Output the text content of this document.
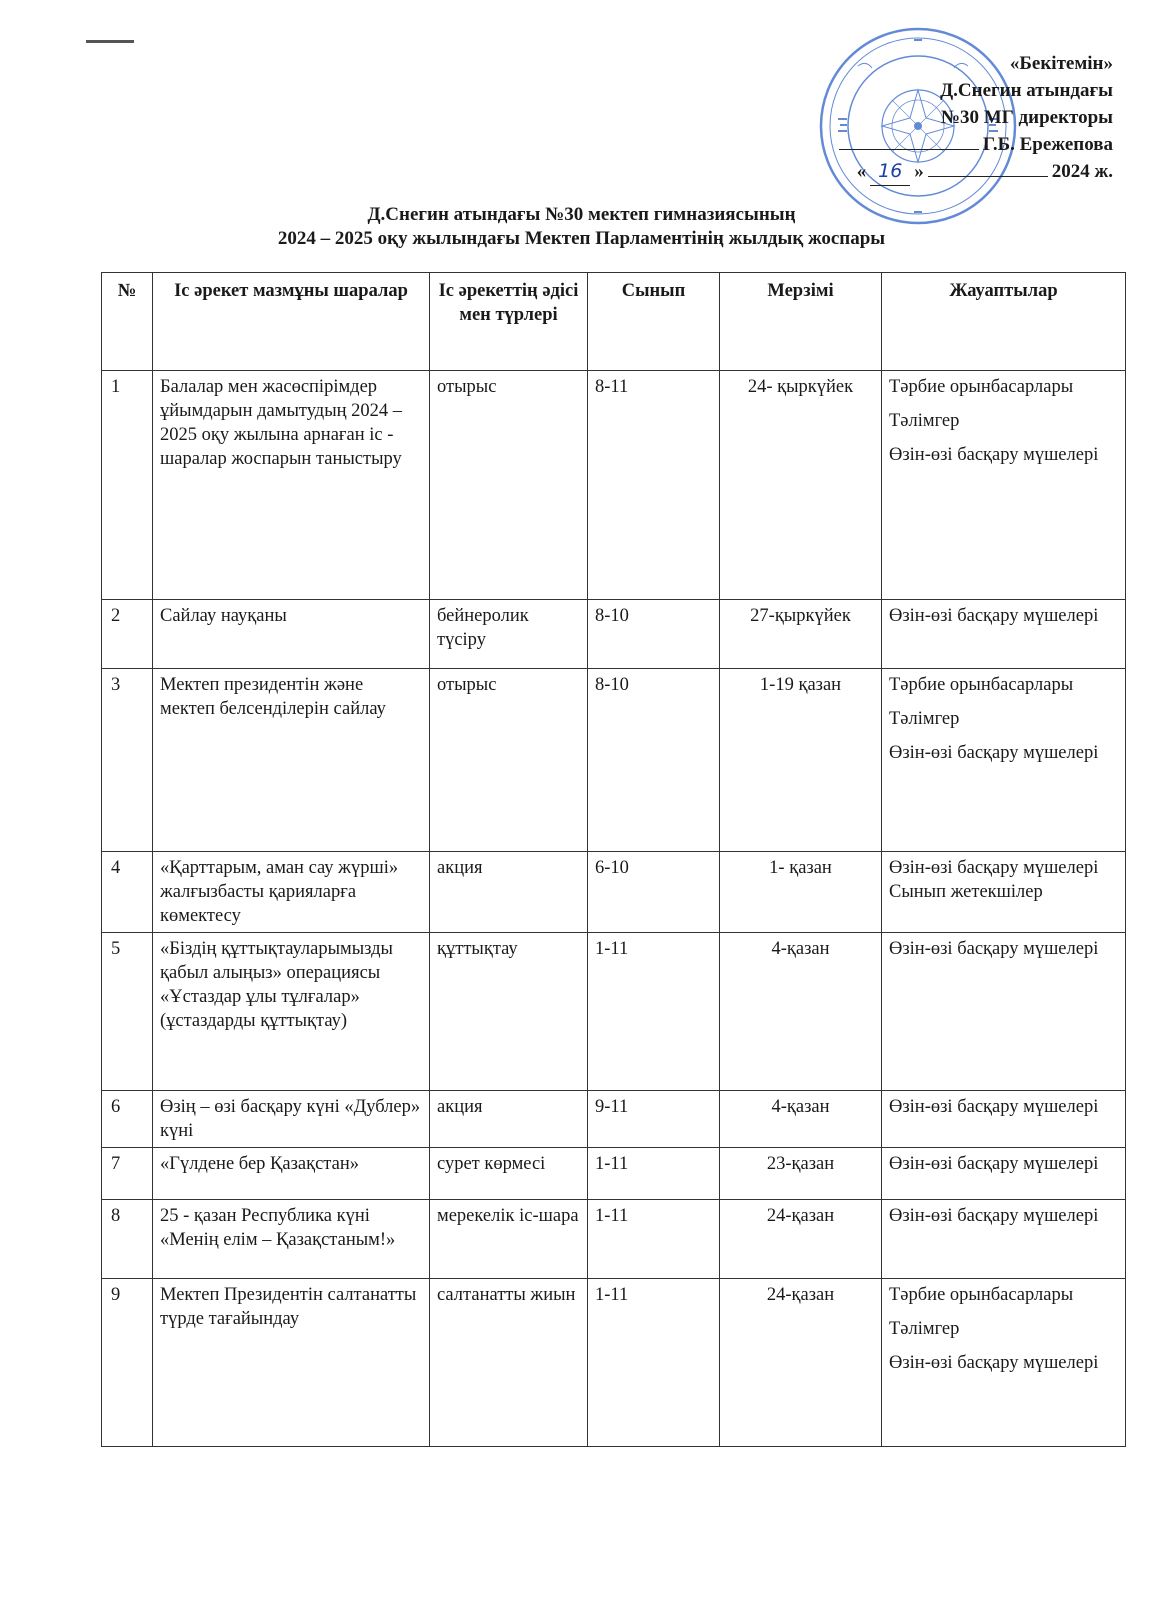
«Бекітемін»
Д.Снегин атындағы
№30 МГ директоры
Г.Б. Ережепова
« 16 »	2024 ж.
Д.Снегин атындағы №30 мектеп гимназиясының
2024 – 2025 оқу жылындағы Мектеп Парламентінің жылдық жоспары
№	Іс әрекет мазмұны шаралар	Іс әрекеттің әдісі мен түрлері	Сынып	Мерзімі	Жауаптылар
1	Балалар мен жасөспірімдер ұйымдарын дамытудың 2024 – 2025 оқу жылына арнаған іс - шаралар жоспарын таныстыру	отырыс	8-11	24- қыркүйек	Тәрбие орынбасарлары

Тәлімгер

Өзін-өзі басқару мүшелері

2	Сайлау науқаны	бейнеролик түсіру	8-10	27-қыркүйек	Өзін-өзі басқару мүшелері

3	Мектеп президентін және мектеп белсенділерін сайлау	отырыс	8-10	1-19 қазан	Тәрбие орынбасарлары

Тәлімгер

Өзін-өзі басқару мүшелері

4	«Қарттарым, аман сау жүрші» жалғызбасты қарияларға көмектесу	акция	6-10	1- қазан	Өзін-өзі басқару мүшелері

Сынып жетекшілер

5	«Біздің құттықтауларымызды қабыл алыңыз» операциясы «Ұстаздар ұлы тұлғалар» (ұстаздарды құттықтау)	құттықтау	1-11	4-қазан	Өзін-өзі басқару мүшелері

6	Өзің – өзі басқару күні «Дублер» күні	акция	9-11	4-қазан	Өзін-өзі басқару мүшелері

7	«Гүлдене бер Қазақстан»	сурет көрмесі	1-11	23-қазан	Өзін-өзі басқару мүшелері

8	25 - қазан Республика күні «Менің елім – Қазақстаным!»	мерекелік іс-шара	1-11	24-қазан	Өзін-өзі басқару мүшелері

9	Мектеп Президентін салтанатты түрде тағайындау	салтанатты жиын	1-11	24-қазан	Тәрбие орынбасарлары

Тәлімгер

Өзін-өзі басқару мүшелері
